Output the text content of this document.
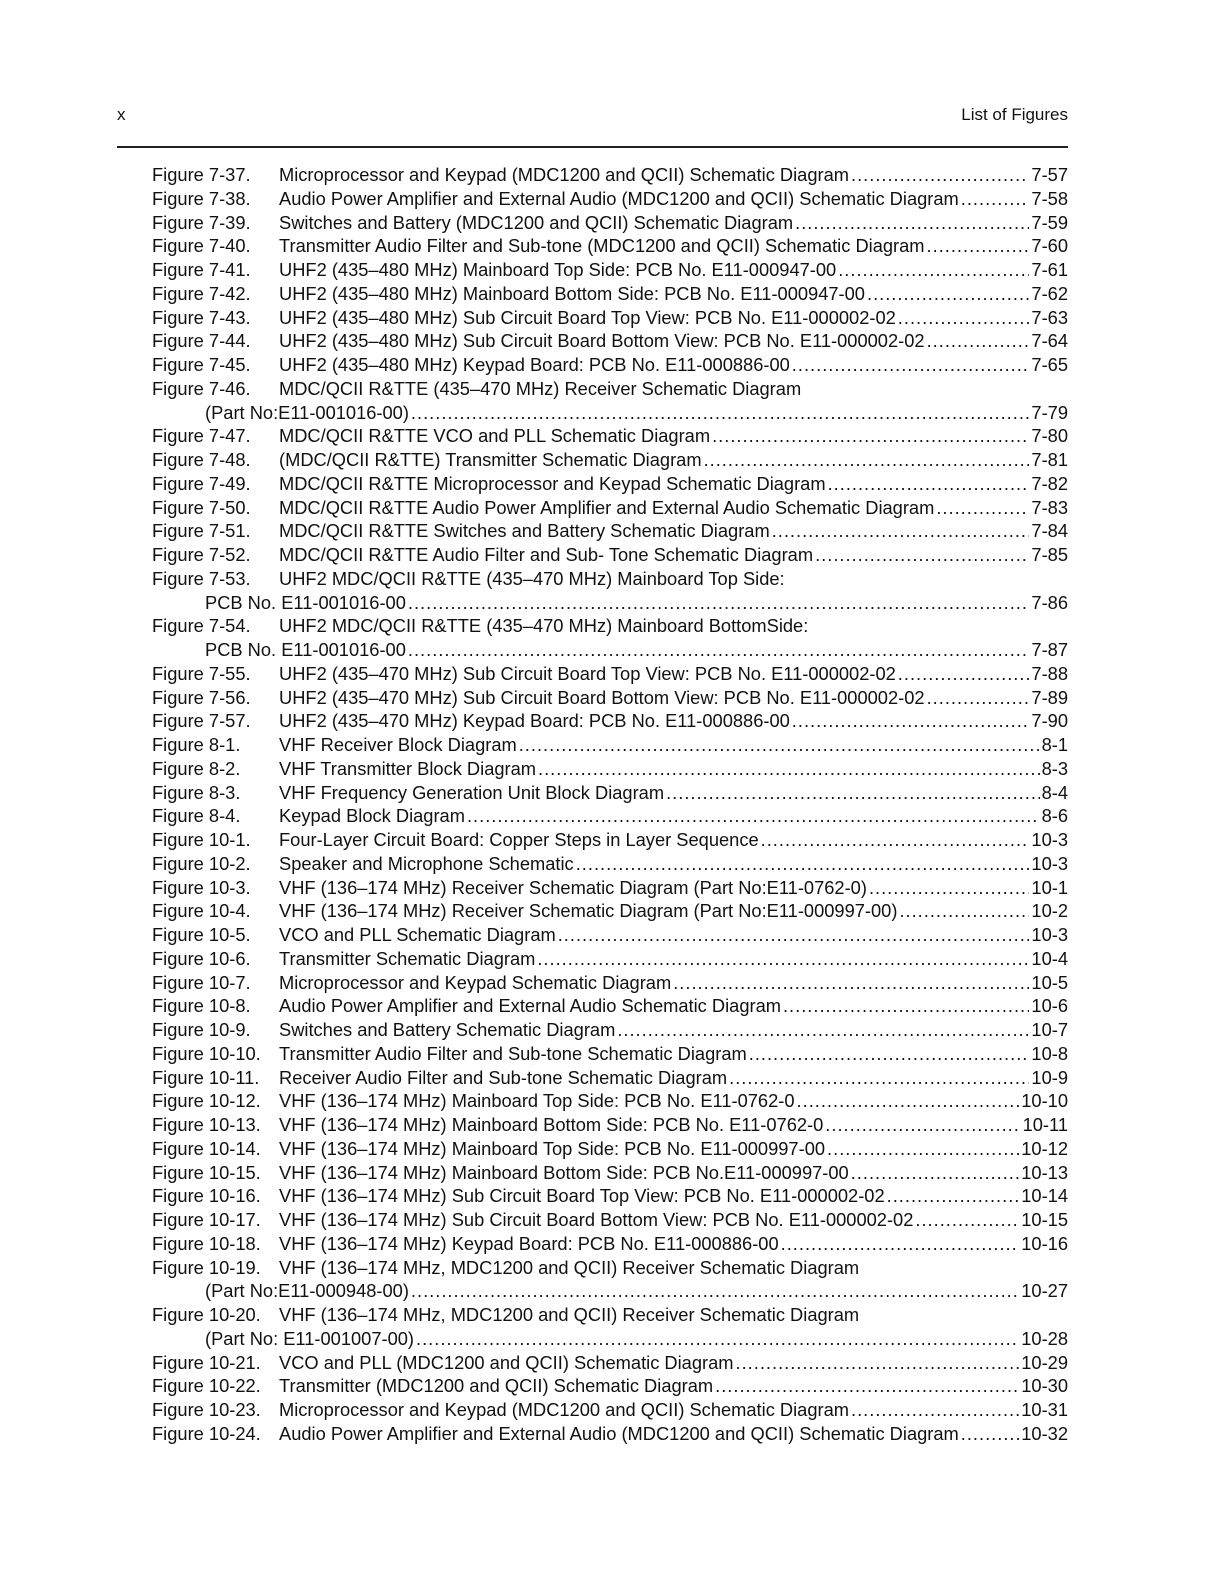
x	List of Figures
Figure 7-37.	Microprocessor and Keypad (MDC1200 and QCII) Schematic Diagram .....	7-57
Figure 7-38.	Audio Power Amplifier and External Audio (MDC1200 and QCII) Schematic Diagram .....	7-58
Figure 7-39.	Switches and Battery (MDC1200 and QCII) Schematic Diagram .....	7-59
Figure 7-40.	Transmitter Audio Filter and Sub-tone (MDC1200 and QCII) Schematic Diagram .....	7-60
Figure 7-41.	UHF2 (435–480 MHz) Mainboard Top Side: PCB No. E11-000947-00 .....	7-61
Figure 7-42.	UHF2 (435–480 MHz) Mainboard Bottom Side: PCB No. E11-000947-00 .....	7-62
Figure 7-43.	UHF2 (435–480 MHz) Sub Circuit Board Top View: PCB No. E11-000002-02 .....	7-63
Figure 7-44.	UHF2 (435–480 MHz) Sub Circuit Board Bottom View: PCB No. E11-000002-02 .....	7-64
Figure 7-45.	UHF2 (435–480 MHz) Keypad Board: PCB No. E11-000886-00 .....	7-65
Figure 7-46.	MDC/QCII R&TTE (435–470 MHz) Receiver Schematic Diagram
(Part No:E11-001016-00) .....	7-79
Figure 7-47.	MDC/QCII R&TTE VCO and PLL Schematic Diagram .....	7-80
Figure 7-48.	(MDC/QCII R&TTE) Transmitter Schematic Diagram .....	7-81
Figure 7-49.	MDC/QCII R&TTE Microprocessor and Keypad Schematic Diagram .....	7-82
Figure 7-50.	MDC/QCII R&TTE Audio Power Amplifier and External Audio Schematic Diagram .....	7-83
Figure 7-51.	MDC/QCII R&TTE Switches and Battery Schematic Diagram .....	7-84
Figure 7-52.	MDC/QCII R&TTE Audio Filter and Sub- Tone Schematic Diagram .....	7-85
Figure 7-53.	UHF2 MDC/QCII R&TTE (435–470 MHz) Mainboard Top Side:
PCB No. E11-001016-00 .....	7-86
Figure 7-54.	UHF2 MDC/QCII R&TTE (435–470 MHz) Mainboard BottomSide:
PCB No. E11-001016-00 .....	7-87
Figure 7-55.	UHF2 (435–470 MHz) Sub Circuit Board Top View: PCB No. E11-000002-02 .....	7-88
Figure 7-56.	UHF2 (435–470 MHz) Sub Circuit Board Bottom View: PCB No. E11-000002-02 .....	7-89
Figure 7-57.	UHF2 (435–470 MHz) Keypad Board: PCB No. E11-000886-00 .....	7-90
Figure 8-1.	VHF Receiver Block Diagram .....	8-1
Figure 8-2.	VHF Transmitter Block Diagram .....	8-3
Figure 8-3.	VHF Frequency Generation Unit Block Diagram .....	8-4
Figure 8-4.	Keypad Block Diagram .....	8-6
Figure 10-1.	Four-Layer Circuit Board: Copper Steps in Layer Sequence .....	10-3
Figure 10-2.	Speaker and Microphone Schematic .....	10-3
Figure 10-3.	VHF (136–174 MHz) Receiver Schematic Diagram (Part No:E11-0762-0) .....	10-1
Figure 10-4.	VHF (136–174 MHz) Receiver Schematic Diagram (Part No:E11-000997-00) .....	10-2
Figure 10-5.	VCO and PLL Schematic Diagram .....	10-3
Figure 10-6.	Transmitter Schematic Diagram .....	10-4
Figure 10-7.	Microprocessor and Keypad Schematic Diagram .....	10-5
Figure 10-8.	Audio Power Amplifier and External Audio Schematic Diagram .....	10-6
Figure 10-9.	Switches and Battery Schematic Diagram .....	10-7
Figure 10-10. Transmitter Audio Filter and Sub-tone Schematic Diagram .....	10-8
Figure 10-11.	Receiver Audio Filter and Sub-tone Schematic Diagram .....	10-9
Figure 10-12. VHF (136–174 MHz) Mainboard Top Side: PCB No. E11-0762-0 .....	10-10
Figure 10-13. VHF (136–174 MHz) Mainboard Bottom Side: PCB No. E11-0762-0 .....	10-11
Figure 10-14. VHF (136–174 MHz) Mainboard Top Side: PCB No. E11-000997-00 .....	10-12
Figure 10-15. VHF (136–174 MHz) Mainboard Bottom Side: PCB No.E11-000997-00 .....	10-13
Figure 10-16. VHF (136–174 MHz) Sub Circuit Board Top View: PCB No. E11-000002-02 .....	10-14
Figure 10-17. VHF (136–174 MHz) Sub Circuit Board Bottom View: PCB No. E11-000002-02 .....	10-15
Figure 10-18. VHF (136–174 MHz) Keypad Board: PCB No. E11-000886-00 .....	10-16
Figure 10-19. VHF (136–174 MHz, MDC1200 and QCII) Receiver Schematic Diagram
(Part No:E11-000948-00) .....	10-27
Figure 10-20. VHF (136–174 MHz, MDC1200 and QCII) Receiver Schematic Diagram
(Part No: E11-001007-00) .....	10-28
Figure 10-21. VCO and PLL (MDC1200 and QCII) Schematic Diagram .....	10-29
Figure 10-22. Transmitter (MDC1200 and QCII) Schematic Diagram .....	10-30
Figure 10-23. Microprocessor and Keypad (MDC1200 and QCII) Schematic Diagram .....	10-31
Figure 10-24. Audio Power Amplifier and External Audio (MDC1200 and QCII) Schematic Diagram .....	10-32
